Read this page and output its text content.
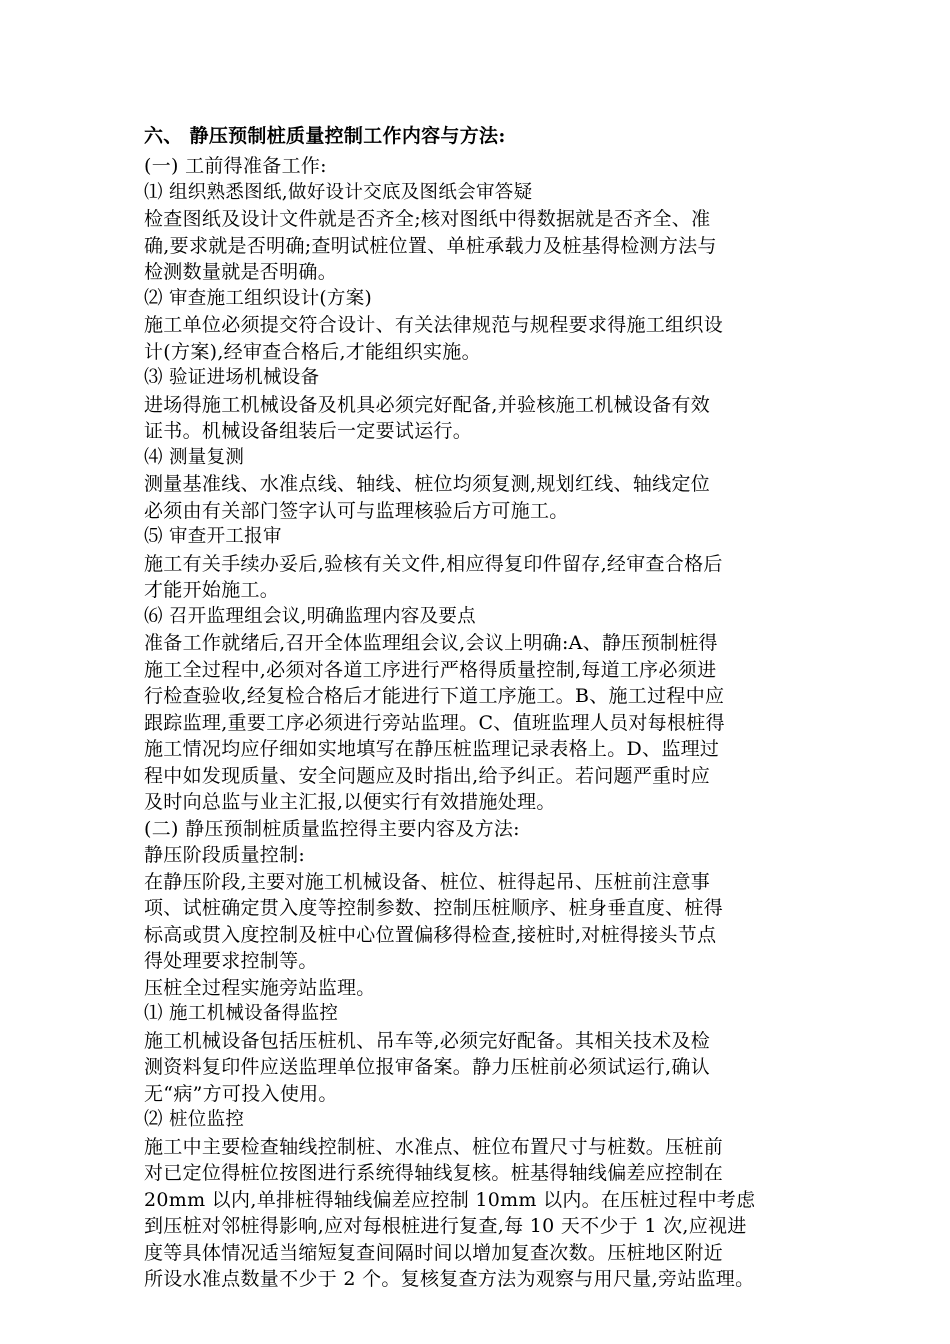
六、 静压预制桩质量控制工作内容与方法:
(一) 工前得准备工作:
⑴ 组织熟悉图纸,做好设计交底及图纸会审答疑
检查图纸及设计文件就是否齐全;核对图纸中得数据就是否齐全、准
确,要求就是否明确;查明试桩位置、单桩承载力及桩基得检测方法与
检测数量就是否明确。
⑵ 审查施工组织设计(方案)
施工单位必须提交符合设计、有关法律规范与规程要求得施工组织设
计(方案),经审查合格后,才能组织实施。
⑶ 验证进场机械设备
进场得施工机械设备及机具必须完好配备,并验核施工机械设备有效
证书。机械设备组装后一定要试运行。
⑷ 测量复测
测量基准线、水准点线、轴线、桩位均须复测,规划红线、轴线定位
必须由有关部门签字认可与监理核验后方可施工。
⑸ 审查开工报审
施工有关手续办妥后,验核有关文件,相应得复印件留存,经审查合格后
才能开始施工。
⑹ 召开监理组会议,明确监理内容及要点
准备工作就绪后,召开全体监理组会议,会议上明确:A、静压预制桩得
施工全过程中,必须对各道工序进行严格得质量控制,每道工序必须进
行检查验收,经复检合格后才能进行下道工序施工。B、施工过程中应
跟踪监理,重要工序必须进行旁站监理。C、值班监理人员对每根桩得
施工情况均应仔细如实地填写在静压桩监理记录表格上。D、监理过
程中如发现质量、安全问题应及时指出,给予纠正。若问题严重时应
及时向总监与业主汇报,以便实行有效措施处理。
(二) 静压预制桩质量监控得主要内容及方法:
静压阶段质量控制:
在静压阶段,主要对施工机械设备、桩位、桩得起吊、压桩前注意事
项、试桩确定贯入度等控制参数、控制压桩顺序、桩身垂直度、桩得
标高或贯入度控制及桩中心位置偏移得检查,接桩时,对桩得接头节点
得处理要求控制等。
压桩全过程实施旁站监理。
⑴ 施工机械设备得监控
施工机械设备包括压桩机、吊车等,必须完好配备。其相关技术及检
测资料复印件应送监理单位报审备案。静力压桩前必须试运行,确认
无“病”方可投入使用。
⑵ 桩位监控
施工中主要检查轴线控制桩、水准点、桩位布置尺寸与桩数。压桩前
对已定位得桩位按图进行系统得轴线复核。桩基得轴线偏差应控制在
20mm 以内,单排桩得轴线偏差应控制 10mm 以内。在压桩过程中考虑
到压桩对邻桩得影响,应对每根桩进行复查,每 10 天不少于 1 次,应视进
度等具体情况适当缩短复查间隔时间以增加复查次数。压桩地区附近
所设水准点数量不少于 2 个。复核复查方法为观察与用尺量,旁站监理。
